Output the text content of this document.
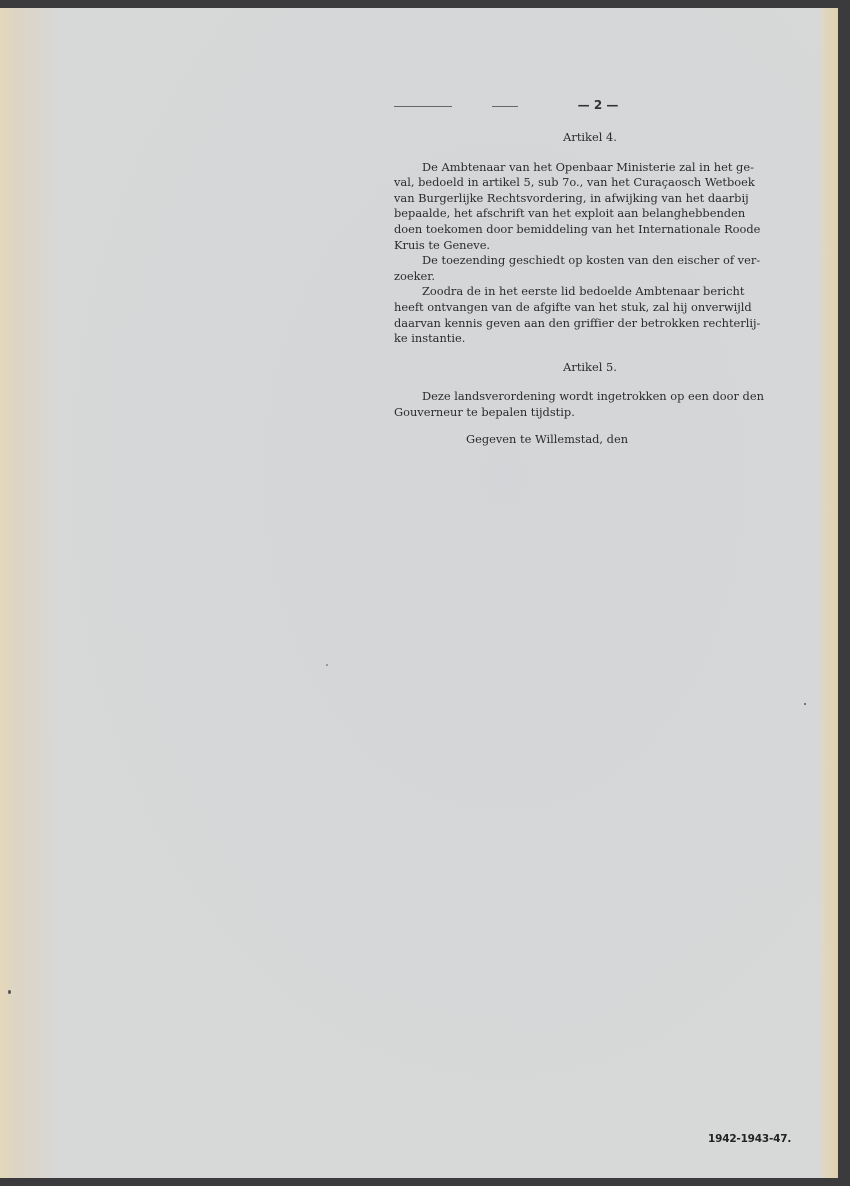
— 2 —

Artikel 4.

De Ambtenaar van het Openbaar Ministerie zal in het ge-
val, bedoeld in artikel 5, sub 7o., van het Curaçaosch Wetboek
van Burgerlijke Rechtsvordering, in afwijking van het daarbij
bepaalde, het afschrift van het exploit aan belanghebbenden
doen toekomen door bemiddeling van het Internationale Roode
Kruis te Geneve.
De toezending geschiedt op kosten van den eischer of ver-
zoeker.
Zoodra de in het eerste lid bedoelde Ambtenaar bericht
heeft ontvangen van de afgifte van het stuk, zal hij onverwijld
daarvan kennis geven aan den griffier der betrokken rechterlij-
ke instantie.

Artikel 5.

Deze landsverordening wordt ingetrokken op een door den
Gouverneur te bepalen tijdstip.
Gegeven te Willemstad, den
1942-1943-47.
